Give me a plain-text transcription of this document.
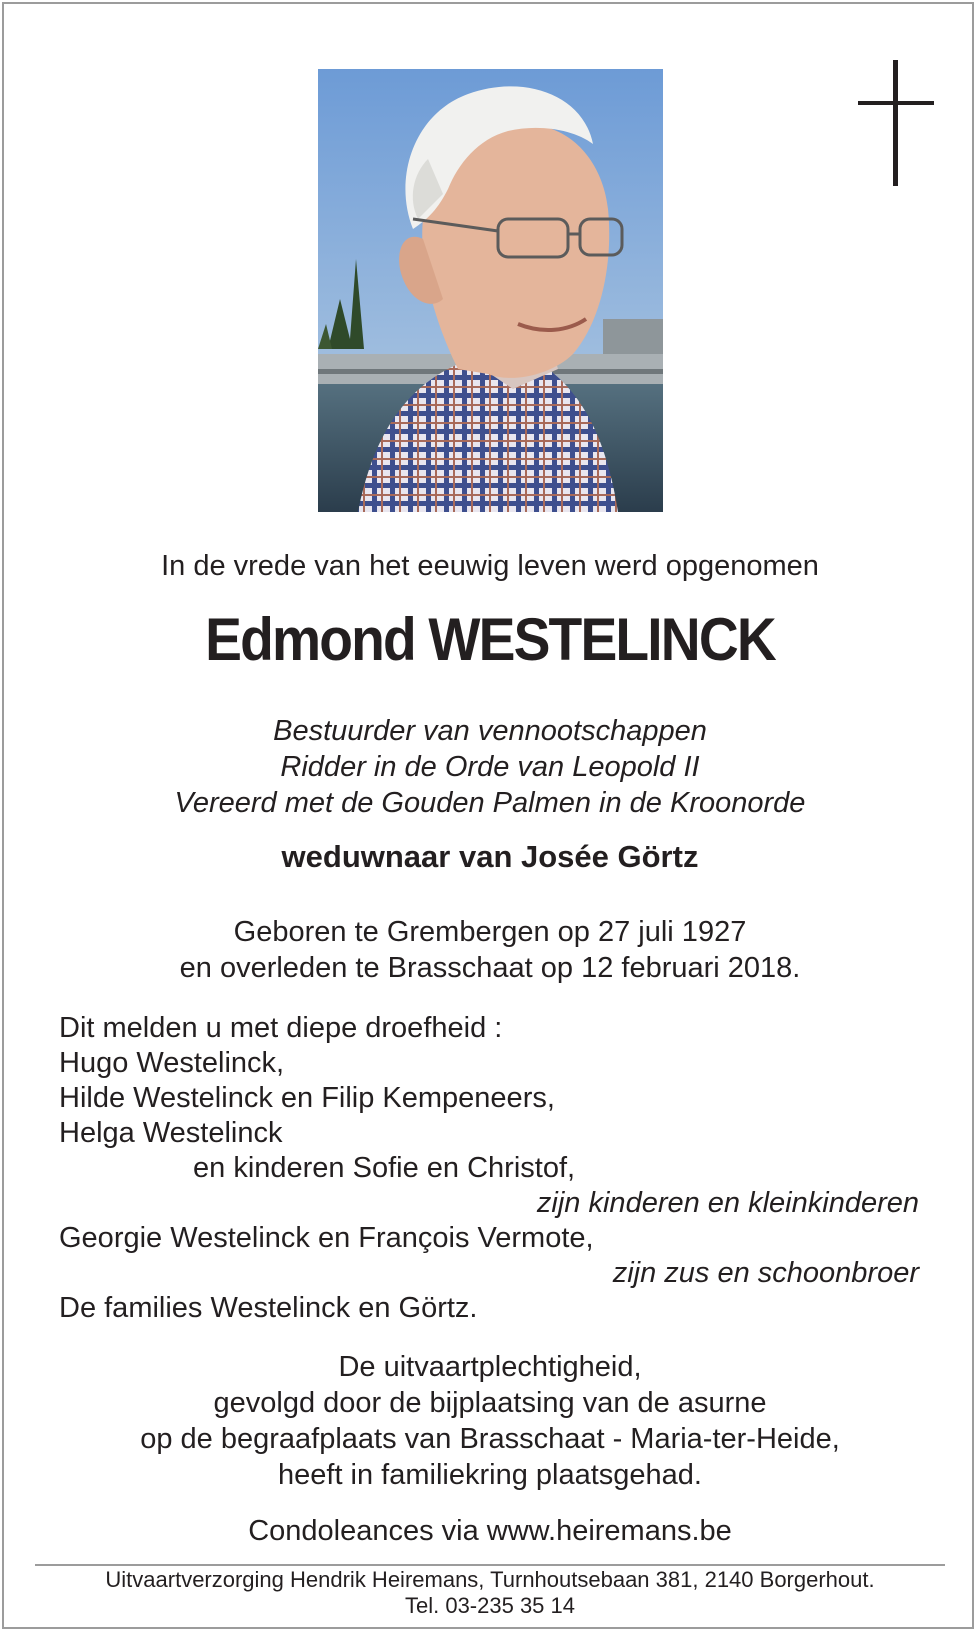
In de vrede van het eeuwig leven werd opgenomen
Edmond WESTELINCK
Bestuurder van vennootschappen
Ridder in de Orde van Leopold II
Vereerd met de Gouden Palmen in de Kroonorde
weduwnaar van Josée Görtz
Geboren te Grembergen op 27 juli 1927
en overleden te Brasschaat op 12 februari 2018.
Dit melden u met diepe droefheid :
Hugo Westelinck,
Hilde Westelinck en Filip Kempeneers,
Helga Westelinck
en kinderen Sofie en Christof,
zijn kinderen en kleinkinderen
Georgie Westelinck en François Vermote,
zijn zus en schoonbroer
De families Westelinck en Görtz.
De uitvaartplechtigheid,
gevolgd door de bijplaatsing van de asurne
op de begraafplaats van Brasschaat - Maria-ter-Heide,
heeft in familiekring plaatsgehad.
Condoleances via www.heiremans.be
Uitvaartverzorging Hendrik Heiremans, Turnhoutsebaan 381, 2140 Borgerhout.
Tel. 03-235 35 14
